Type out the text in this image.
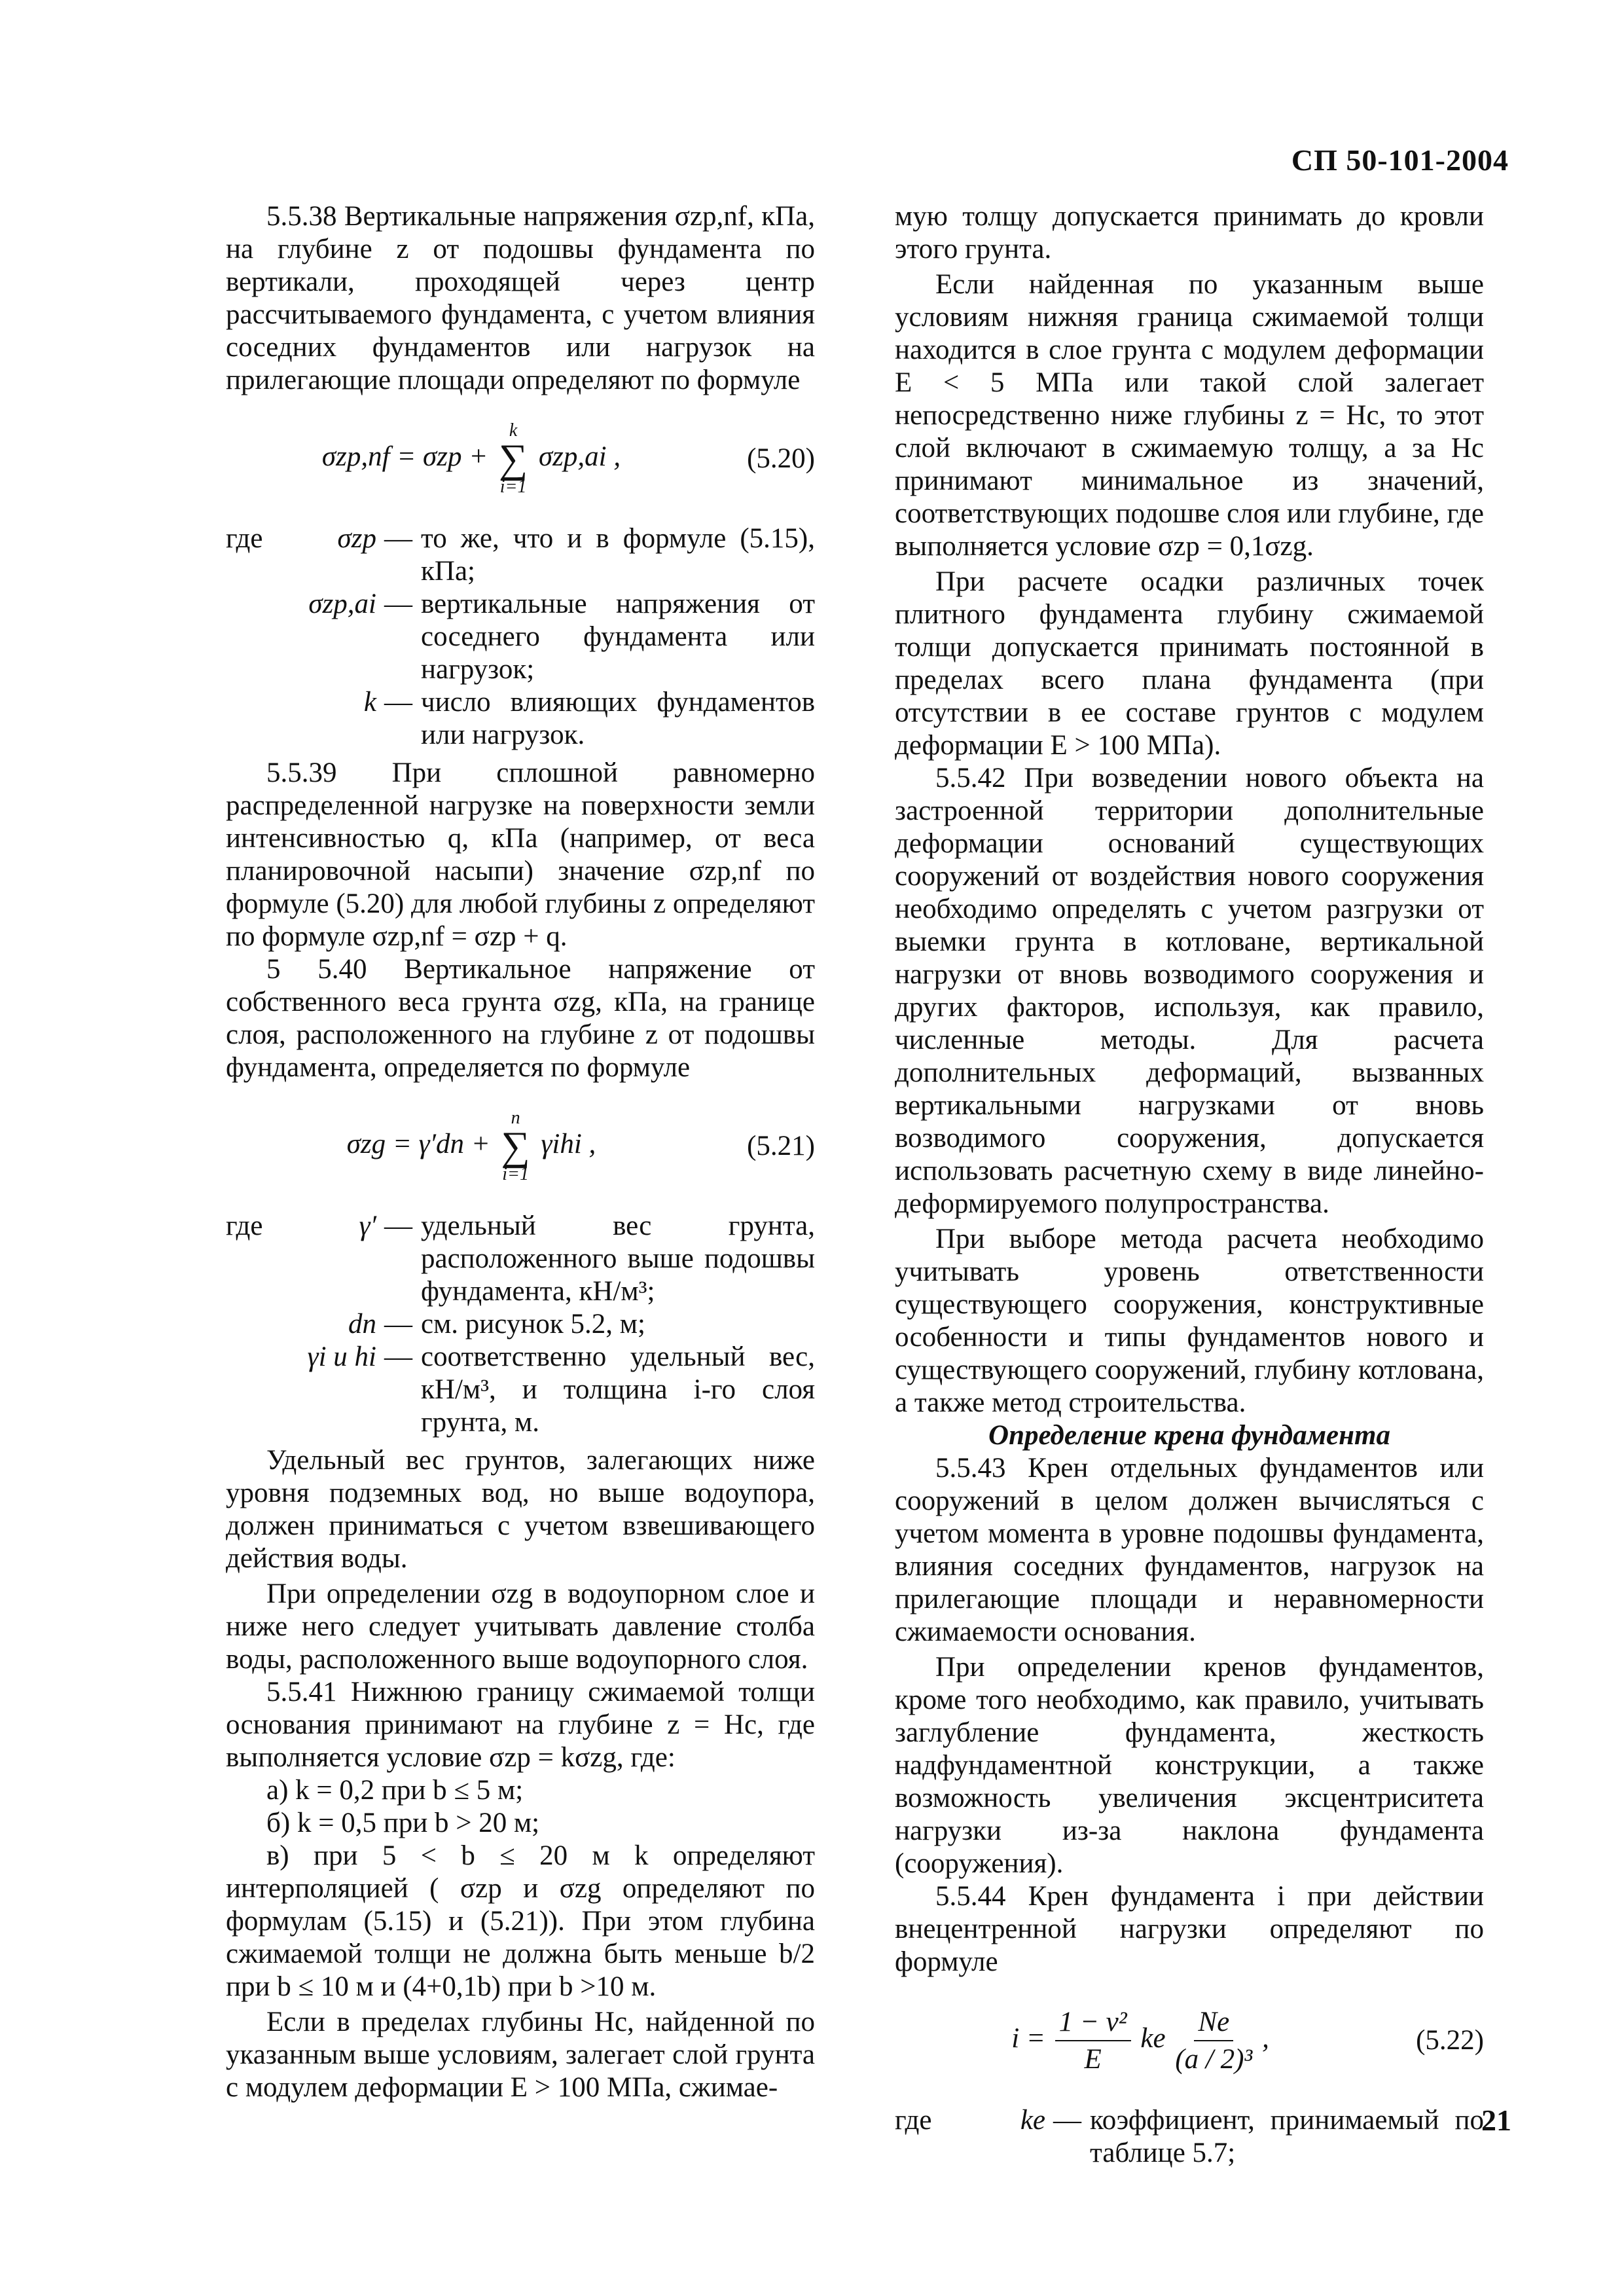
СП 50-101-2004

5.5.38 Вертикальные напряжения σzp,nf, кПа, на глубине z от подошвы фундамента по вертикали, проходящей через центр рассчитываемого фундамента, с учетом влияния соседних фундаментов или нагрузок на прилегающие площади определяют по формуле

σzp,nf = σzp +
k
∑
i=1
σzp,ai ,	(5.20)
где	σzp	—	то же, что и в формуле (5.15), кПа;
	σzp,ai	—	вертикальные напряжения от соседнего фундамента или нагрузок;
	k	—	число влияющих фундаментов или нагрузок.

5.5.39 При сплошной равномерно распределенной нагрузке на поверхности земли интенсивностью q, кПа (например, от веса планировочной насыпи) значение σzp,nf по формуле (5.20) для любой глубины z определяют по формуле σzp,nf = σzp + q.

5 5.40 Вертикальное напряжение от собственного веса грунта σzg, кПа, на границе слоя, расположенного на глубине z от подошвы фундамента, определяется по формуле

σzg = γ′dn +
n
∑
i=1
γihi ,	(5.21)
где	γ′	—	удельный вес грунта, расположенного выше подошвы фундамента, кН/м³;
	dn	—	см. рисунок 5.2, м;
	γi и hi	—	соответственно удельный вес, кН/м³, и толщина i-го слоя грунта, м.

Удельный вес грунтов, залегающих ниже уровня подземных вод, но выше водоупора, должен приниматься с учетом взвешивающего действия воды.

При определении σzg в водоупорном слое и ниже него следует учитывать давление столба воды, расположенного выше водоупорного слоя.

5.5.41 Нижнюю границу сжимаемой толщи основания принимают на глубине z = Hc, где выполняется условие σzp = kσzg, где:

а) k = 0,2 при b ≤ 5 м;

б) k = 0,5 при b > 20 м;

в) при 5 < b ≤ 20 м k определяют интерполяцией ( σzp и σzg определяют по формулам (5.15) и (5.21)). При этом глубина сжимаемой толщи не должна быть меньше b/2 при b ≤ 10 м и (4+0,1b) при b >10 м.

Если в пределах глубины Hc, найденной по указанным выше условиям, залегает слой грунта с модулем деформации E > 100 МПа, сжимае-

мую толщу допускается принимать до кровли этого грунта.

Если найденная по указанным выше условиям нижняя граница сжимаемой толщи находится в слое грунта с модулем деформации E < 5 МПа или такой слой залегает непосредственно ниже глубины z = Hc, то этот слой включают в сжимаемую толщу, а за Hc принимают минимальное из значений, соответствующих подошве слоя или глубине, где выполняется условие σzp = 0,1σzg.

При расчете осадки различных точек плитного фундамента глубину сжимаемой толщи допускается принимать постоянной в пределах всего плана фундамента (при отсутствии в ее составе грунтов с модулем деформации E > 100 МПа).

5.5.42 При возведении нового объекта на застроенной территории дополнительные деформации оснований существующих сооружений от воздействия нового сооружения необходимо определять с учетом разгрузки от выемки грунта в котловане, вертикальной нагрузки от вновь возводимого сооружения и других факторов, используя, как правило, численные методы. Для расчета дополнительных деформаций, вызванных вертикальными нагрузками от вновь возводимого сооружения, допускается использовать расчетную схему в виде линейно-деформируемого полупространства.

При выборе метода расчета необходимо учитывать уровень ответственности существующего сооружения, конструктивные особенности и типы фундаментов нового и существующего сооружений, глубину котлована, а также метод строительства.

Определение крена фундамента

5.5.43 Крен отдельных фундаментов или сооружений в целом должен вычисляться с учетом момента в уровне подошвы фундамента, влияния соседних фундаментов, нагрузок на прилегающие площади и неравномерности сжимаемости основания.

При определении кренов фундаментов, кроме того необходимо, как правило, учитывать заглубление фундамента, жесткость надфундаментной конструкции, а также возможность увеличения эксцентриситета нагрузки из-за наклона фундамента (сооружения).

5.5.44 Крен фундамента i при действии внецентренной нагрузки определяют по формуле

$i = \frac{\text{1 − ν²}}{E}$ ke $\frac{Ne}{\text{(a / 2)³}}$ ,	(5.22)
где	ke	—	коэффициент, принимаемый по таблице 5.7;
21
